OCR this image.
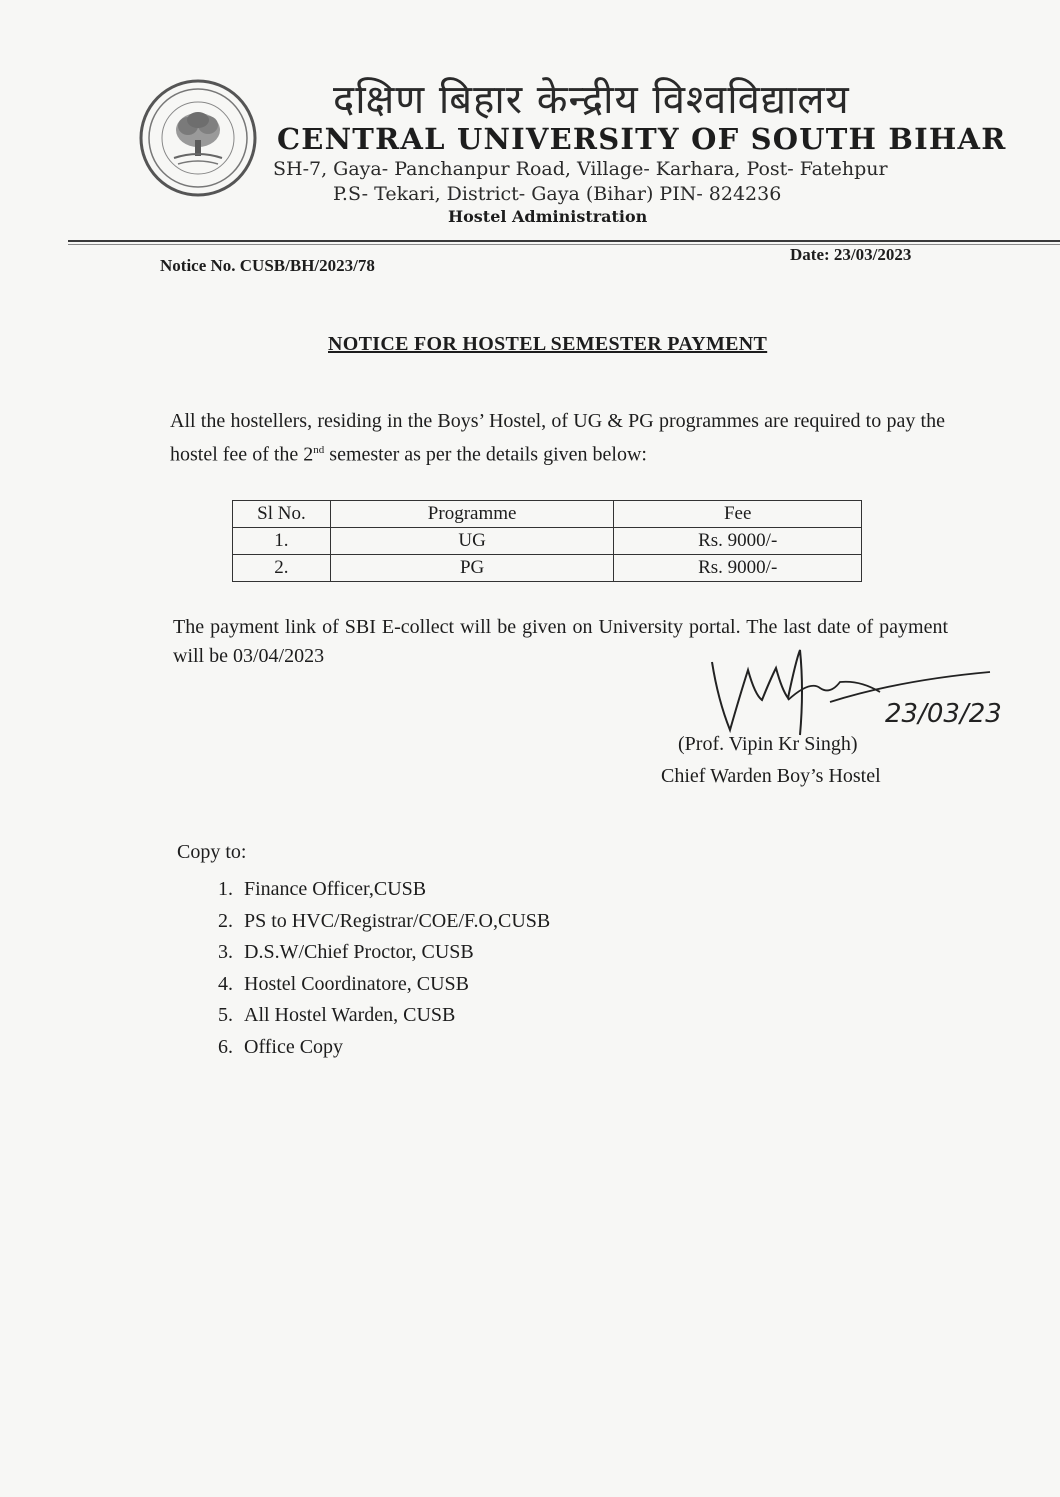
दक्षिण बिहार केन्द्रीय विश्वविद्यालय
CENTRAL UNIVERSITY OF SOUTH BIHAR
SH-7, Gaya- Panchanpur Road, Village- Karhara, Post- Fatehpur
P.S- Tekari, District- Gaya (Bihar) PIN- 824236
Hostel Administration
Notice No. CUSB/BH/2023/78
Date: 23/03/2023
NOTICE FOR HOSTEL SEMESTER PAYMENT
All the hostellers, residing in the Boys’ Hostel, of UG & PG programmes are required to pay the hostel fee of the 2nd semester as per the details given below:
Sl No.	Programme	Fee
1.	UG	Rs. 9000/-
2.	PG	Rs. 9000/-
The payment link of SBI E-collect will be given on University portal. The last date of payment will be 03/04/2023
23/03/23
(Prof. Vipin Kr Singh)
Chief Warden Boy’s Hostel
Copy to:
1. Finance Officer,CUSB
2. PS to HVC/Registrar/COE/F.O,CUSB
3. D.S.W/Chief Proctor, CUSB
4. Hostel Coordinatore, CUSB
5. All Hostel Warden, CUSB
6. Office Copy
